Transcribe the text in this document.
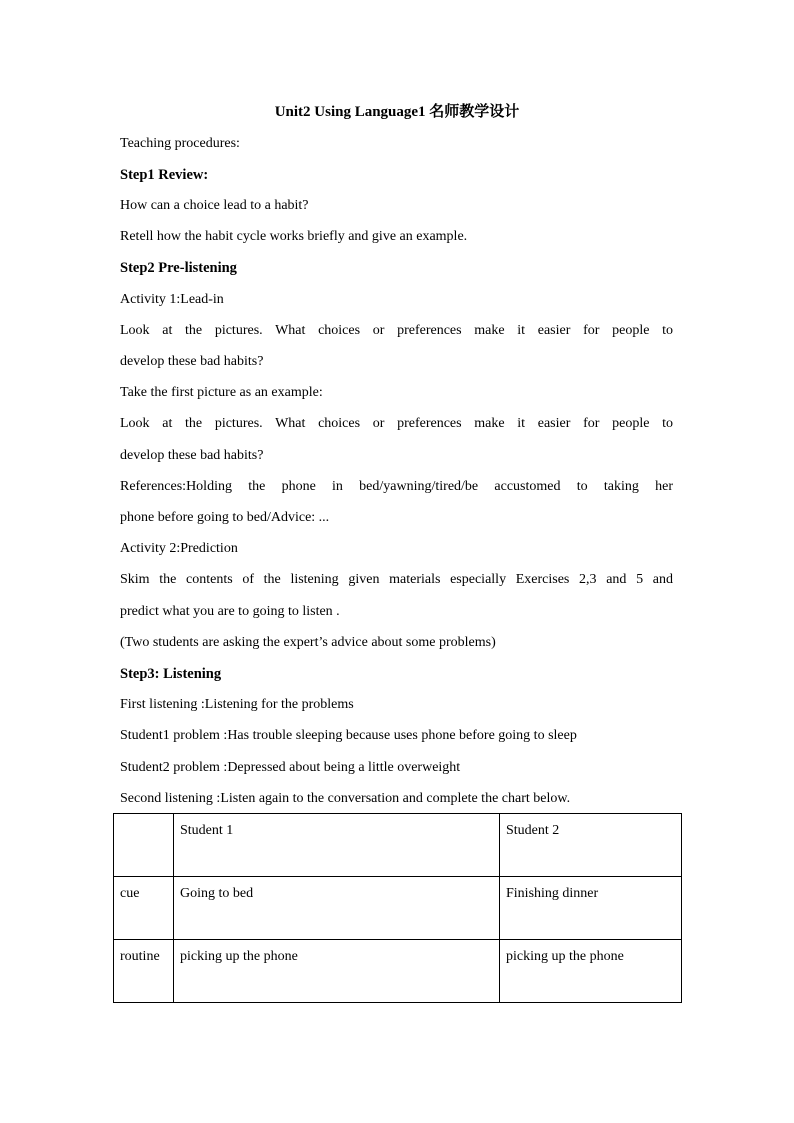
Unit2 Using Language1 名师教学设计
Teaching procedures:
Step1 Review:
How can a choice lead to a habit?
Retell how the habit cycle works briefly and give an example.
Step2 Pre-listening
Activity 1:Lead-in
Look at the pictures. What choices or preferences make it easier for people to
develop these bad habits?
Take the first picture as an example:
Look at the pictures. What choices or preferences make it easier for people to
develop these bad habits?
References:Holding the phone in bed/yawning/tired/be accustomed to taking her
phone before going to bed/Advice: ...
Activity 2:Prediction
Skim the contents of the listening given materials especially Exercises 2,3 and 5 and
predict what you are to going to listen .
(Two students are asking the expert’s advice about some problems)
Step3: Listening
First listening :Listening for the problems
Student1 problem :Has trouble sleeping because uses phone before going to sleep
Student2 problem :Depressed about being a little overweight
Second listening :Listen again to the conversation and complete the chart below.
	Student 1	Student 2
cue	Going to bed	Finishing dinner
routine	picking up the phone	picking up the phone
